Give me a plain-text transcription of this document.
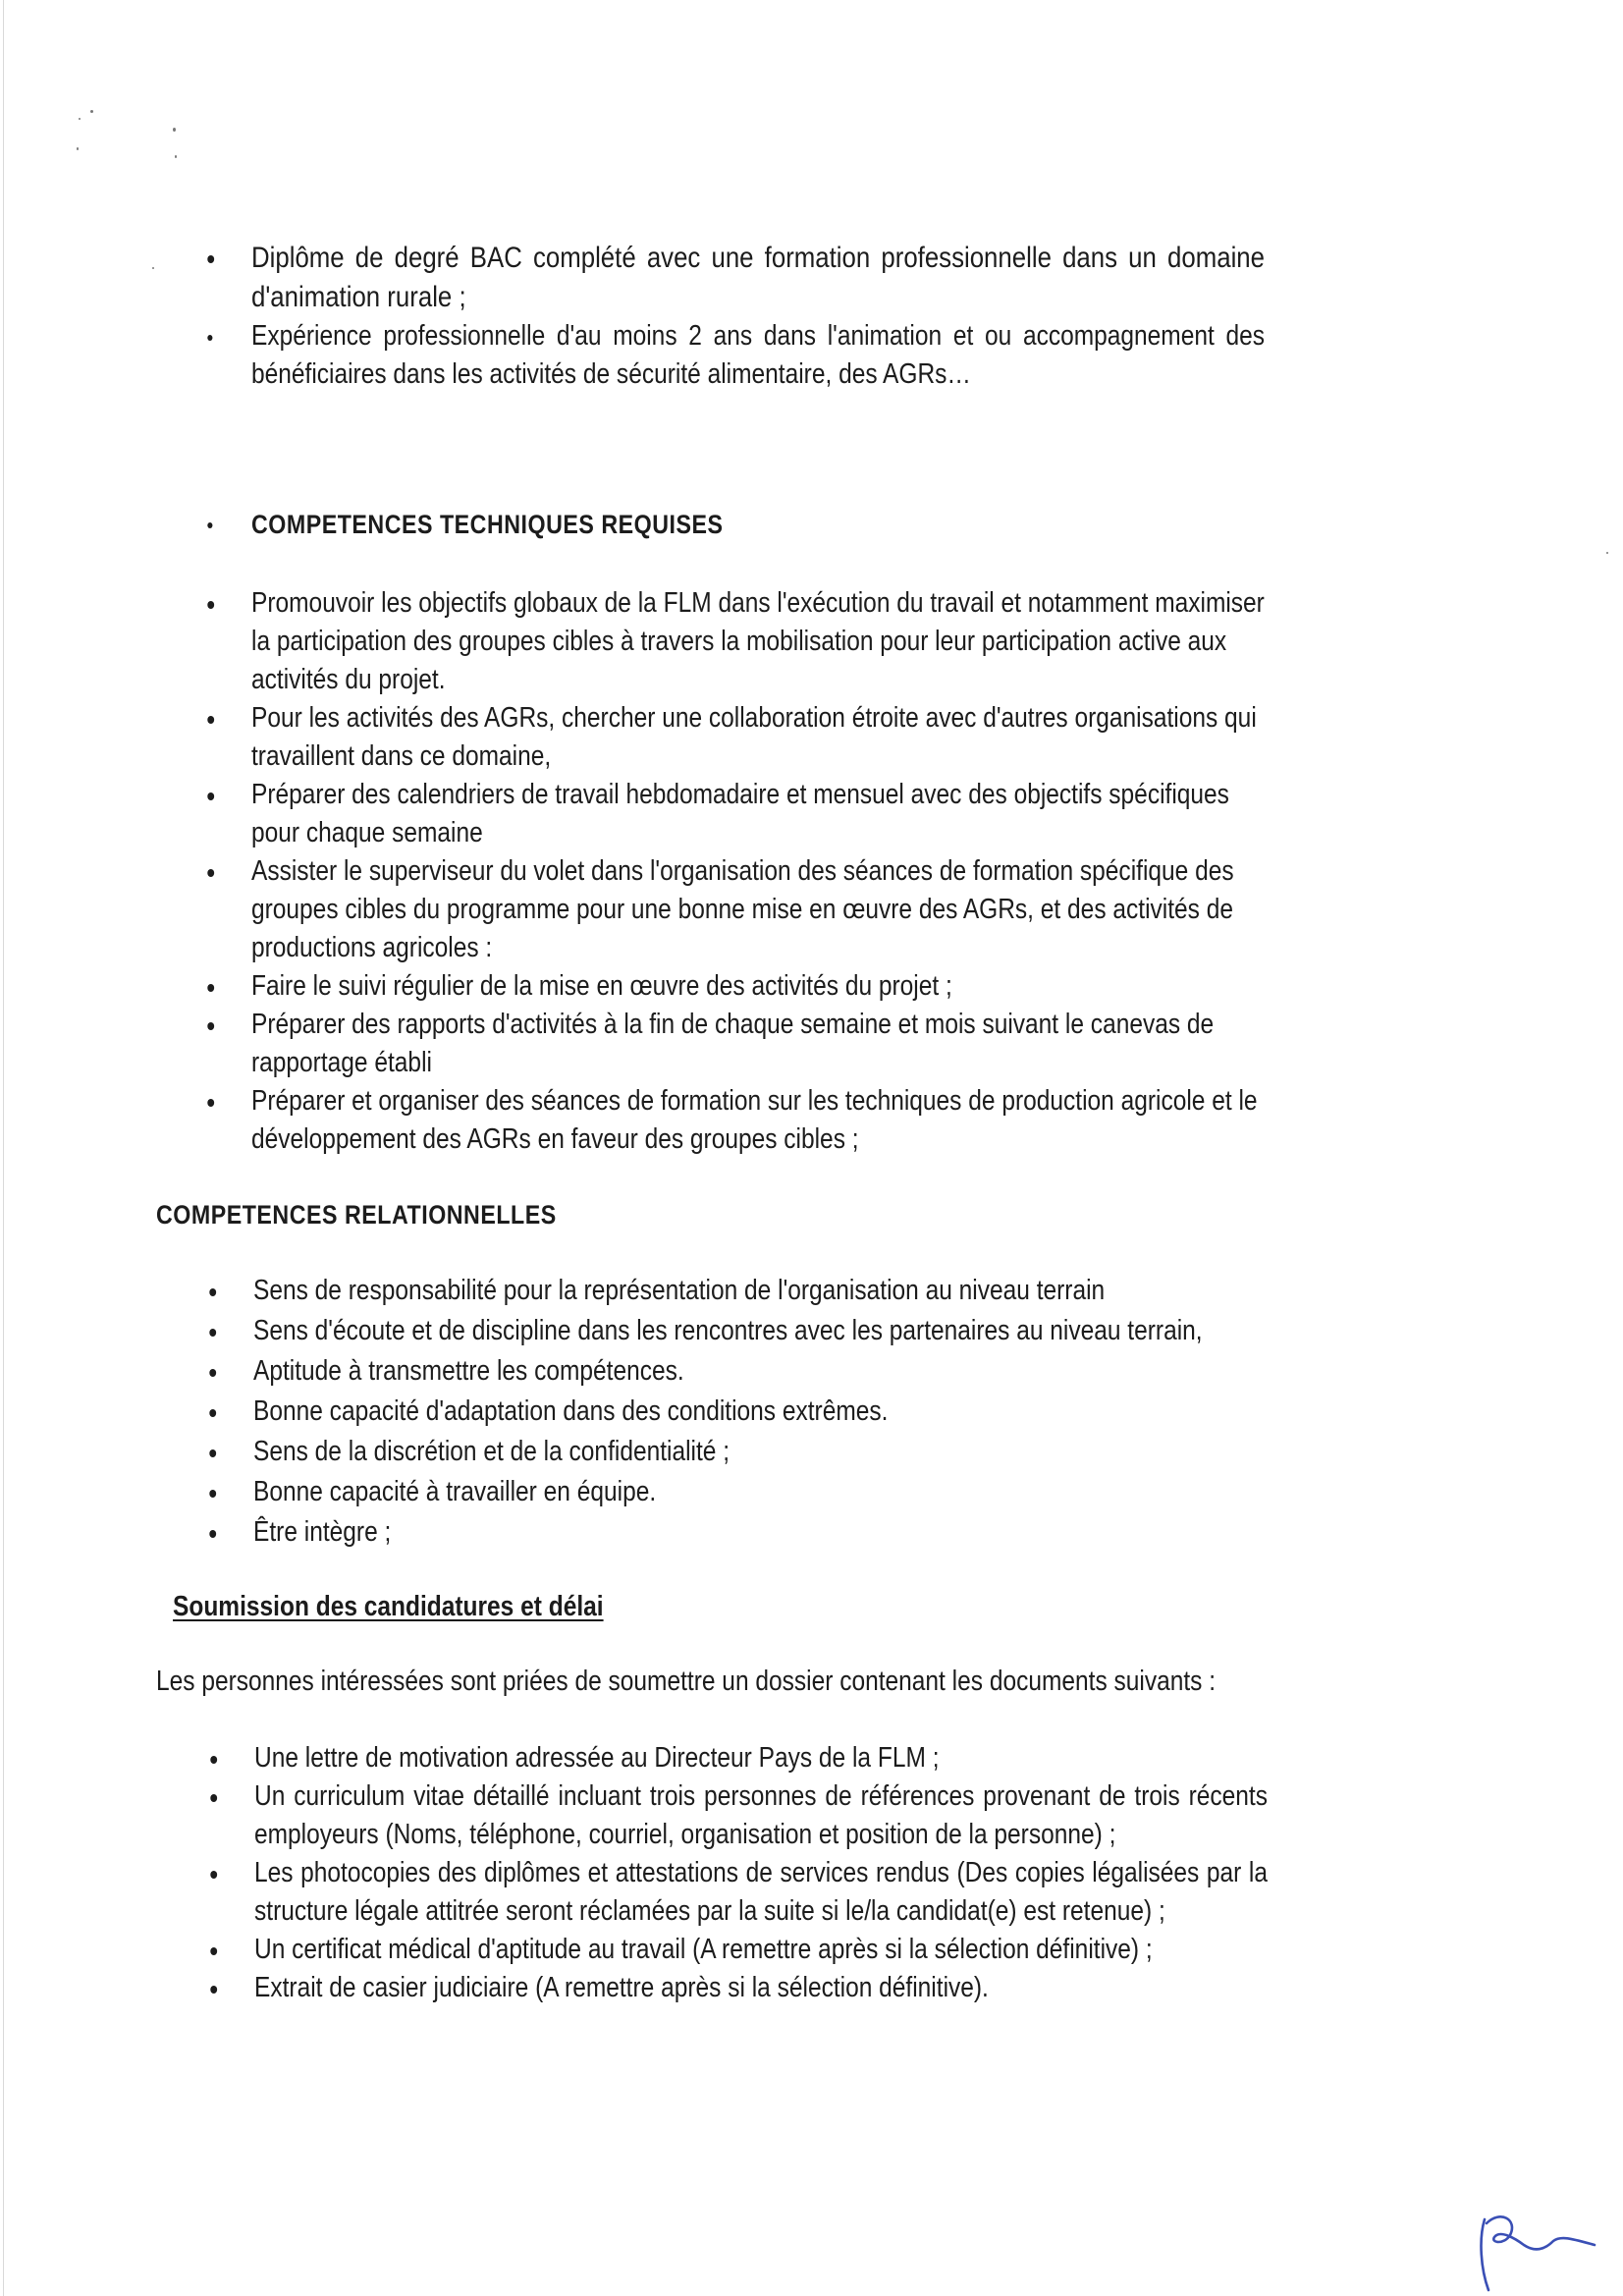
Diplôme de degré BAC complété avec une formation professionnelle dans un domaine d'animation rurale ;
Expérience professionnelle d'au moins 2 ans dans l'animation et ou accompagnement des bénéficiaires dans les activités de sécurité alimentaire, des AGRs…
COMPETENCES TECHNIQUES REQUISES
Promouvoir les objectifs globaux de la FLM dans l'exécution du travail et notamment maximiser la participation des groupes cibles à travers la mobilisation pour leur participation active aux activités du projet.
Pour les activités des AGRs, chercher une collaboration étroite avec d'autres organisations qui travaillent dans ce domaine,
Préparer des calendriers de travail hebdomadaire et mensuel avec des objectifs spécifiques pour chaque semaine
Assister le superviseur du volet dans l'organisation des séances de formation spécifique des groupes cibles du programme pour une bonne mise en œuvre des AGRs, et des activités de productions agricoles :
Faire le suivi régulier de la mise en œuvre des activités du projet ;
Préparer des rapports d'activités à la fin de chaque semaine et mois suivant le canevas de rapportage établi
Préparer et organiser des séances de formation sur les techniques de production agricole et le développement des AGRs en faveur des groupes cibles ;
COMPETENCES RELATIONNELLES
Sens de responsabilité pour la représentation de l'organisation au niveau terrain
Sens d'écoute et de discipline dans les rencontres avec les partenaires au niveau terrain,
Aptitude à transmettre les compétences.
Bonne capacité d'adaptation dans des conditions extrêmes.
Sens de la discrétion et de la confidentialité ;
Bonne capacité à travailler en équipe.
Être intègre ;
Soumission des candidatures et délai
Les personnes intéressées sont priées de soumettre un dossier contenant les documents suivants :
Une lettre de motivation adressée au Directeur Pays de la FLM ;
Un curriculum vitae détaillé incluant trois personnes de références provenant de trois récents employeurs (Noms, téléphone, courriel, organisation et position de la personne) ;
Les photocopies des diplômes et attestations de services rendus (Des copies légalisées par la structure légale attitrée seront réclamées par la suite si le/la candidat(e) est retenue) ;
Un certificat médical d'aptitude au travail (A remettre après si la sélection définitive) ;
Extrait de casier judiciaire (A remettre après si la sélection définitive).
